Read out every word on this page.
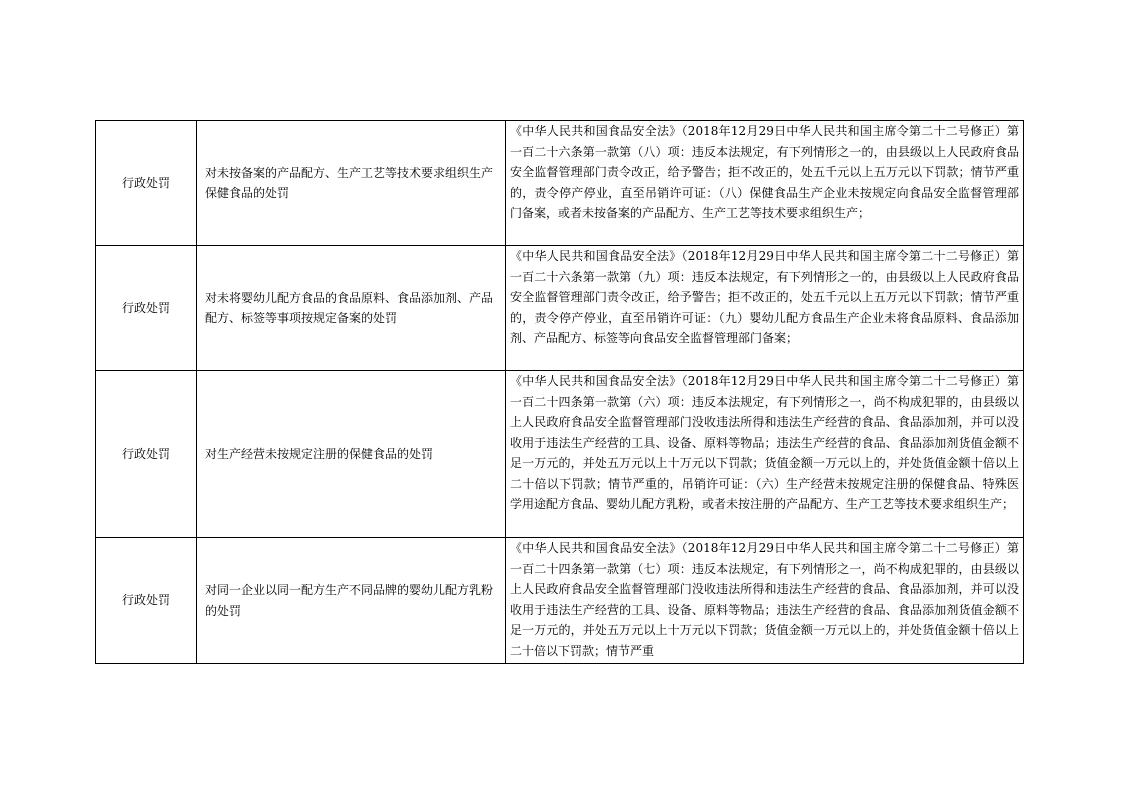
行政处罚	对未按备案的产品配方、生产工艺等技术要求组织生产保健食品的处罚	《中华人民共和国食品安全法》（2018年12月29日中华人民共和国主席令第二十二号修正）第一百二十六条第一款第（八）项：违反本法规定，有下列情形之一的，由县级以上人民政府食品安全监督管理部门责令改正，给予警告；拒不改正的，处五千元以上五万元以下罚款；情节严重的，责令停产停业，直至吊销许可证：（八）保健食品生产企业未按规定向食品安全监督管理部门备案，或者未按备案的产品配方、生产工艺等技术要求组织生产；

行政处罚	对未将婴幼儿配方食品的食品原料、食品添加剂、产品配方、标签等事项按规定备案的处罚	《中华人民共和国食品安全法》（2018年12月29日中华人民共和国主席令第二十二号修正）第一百二十六条第一款第（九）项：违反本法规定，有下列情形之一的，由县级以上人民政府食品安全监督管理部门责令改正，给予警告；拒不改正的，处五千元以上五万元以下罚款；情节严重的，责令停产停业，直至吊销许可证：（九）婴幼儿配方食品生产企业未将食品原料、食品添加剂、产品配方、标签等向食品安全监督管理部门备案；

行政处罚	对生产经营未按规定注册的保健食品的处罚	《中华人民共和国食品安全法》（2018年12月29日中华人民共和国主席令第二十二号修正）第一百二十四条第一款第（六）项：违反本法规定，有下列情形之一，尚不构成犯罪的，由县级以上人民政府食品安全监督管理部门没收违法所得和违法生产经营的食品、食品添加剂，并可以没收用于违法生产经营的工具、设备、原料等物品；违法生产经营的食品、食品添加剂货值金额不足一万元的，并处五万元以上十万元以下罚款；货值金额一万元以上的，并处货值金额十倍以上二十倍以下罚款；情节严重的，吊销许可证：（六）生产经营未按规定注册的保健食品、特殊医学用途配方食品、婴幼儿配方乳粉，或者未按注册的产品配方、生产工艺等技术要求组织生产；

行政处罚	对同一企业以同一配方生产不同品牌的婴幼儿配方乳粉的处罚	《中华人民共和国食品安全法》（2018年12月29日中华人民共和国主席令第二十二号修正）第一百二十四条第一款第（七）项：违反本法规定，有下列情形之一，尚不构成犯罪的，由县级以上人民政府食品安全监督管理部门没收违法所得和违法生产经营的食品、食品添加剂，并可以没收用于违法生产经营的工具、设备、原料等物品；违法生产经营的食品、食品添加剂货值金额不足一万元的，并处五万元以上十万元以下罚款；货值金额一万元以上的，并处货值金额十倍以上二十倍以下罚款；情节严重
